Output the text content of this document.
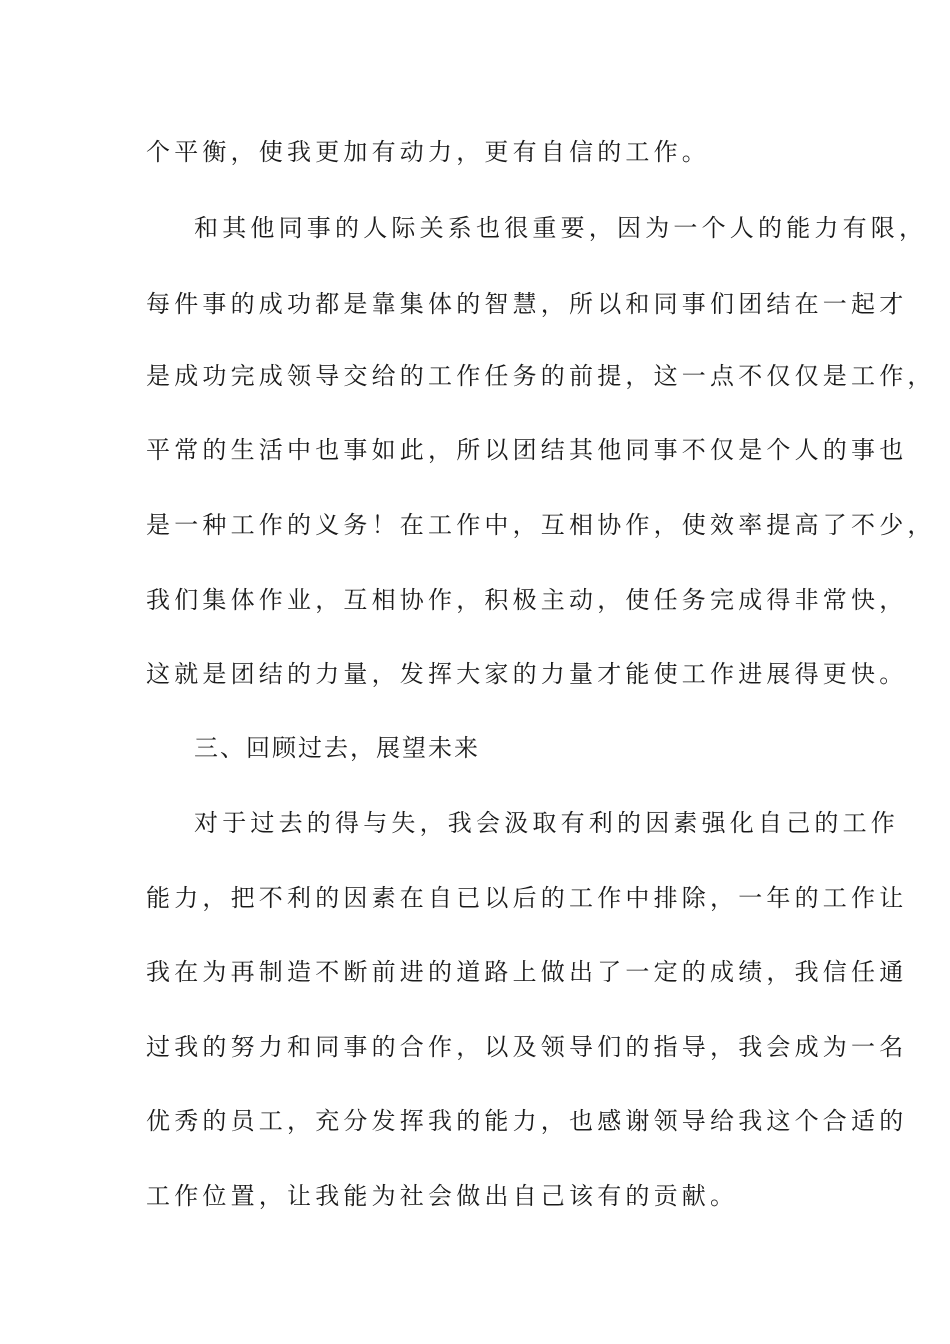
个平衡，使我更加有动力，更有自信的工作。
和其他同事的人际关系也很重要，因为一个人的能力有限，
每件事的成功都是靠集体的智慧，所以和同事们团结在一起才
是成功完成领导交给的工作任务的前提，这一点不仅仅是工作，
平常的生活中也事如此，所以团结其他同事不仅是个人的事也
是一种工作的义务！在工作中，互相协作，使效率提高了不少，
我们集体作业，互相协作，积极主动，使任务完成得非常快，
这就是团结的力量，发挥大家的力量才能使工作进展得更快。
三、回顾过去，展望未来
对于过去的得与失，我会汲取有利的因素强化自己的工作
能力，把不利的因素在自已以后的工作中排除，一年的工作让
我在为再制造不断前进的道路上做出了一定的成绩，我信任通
过我的努力和同事的合作，以及领导们的指导，我会成为一名
优秀的员工，充分发挥我的能力，也感谢领导给我这个合适的
工作位置，让我能为社会做出自己该有的贡献。
